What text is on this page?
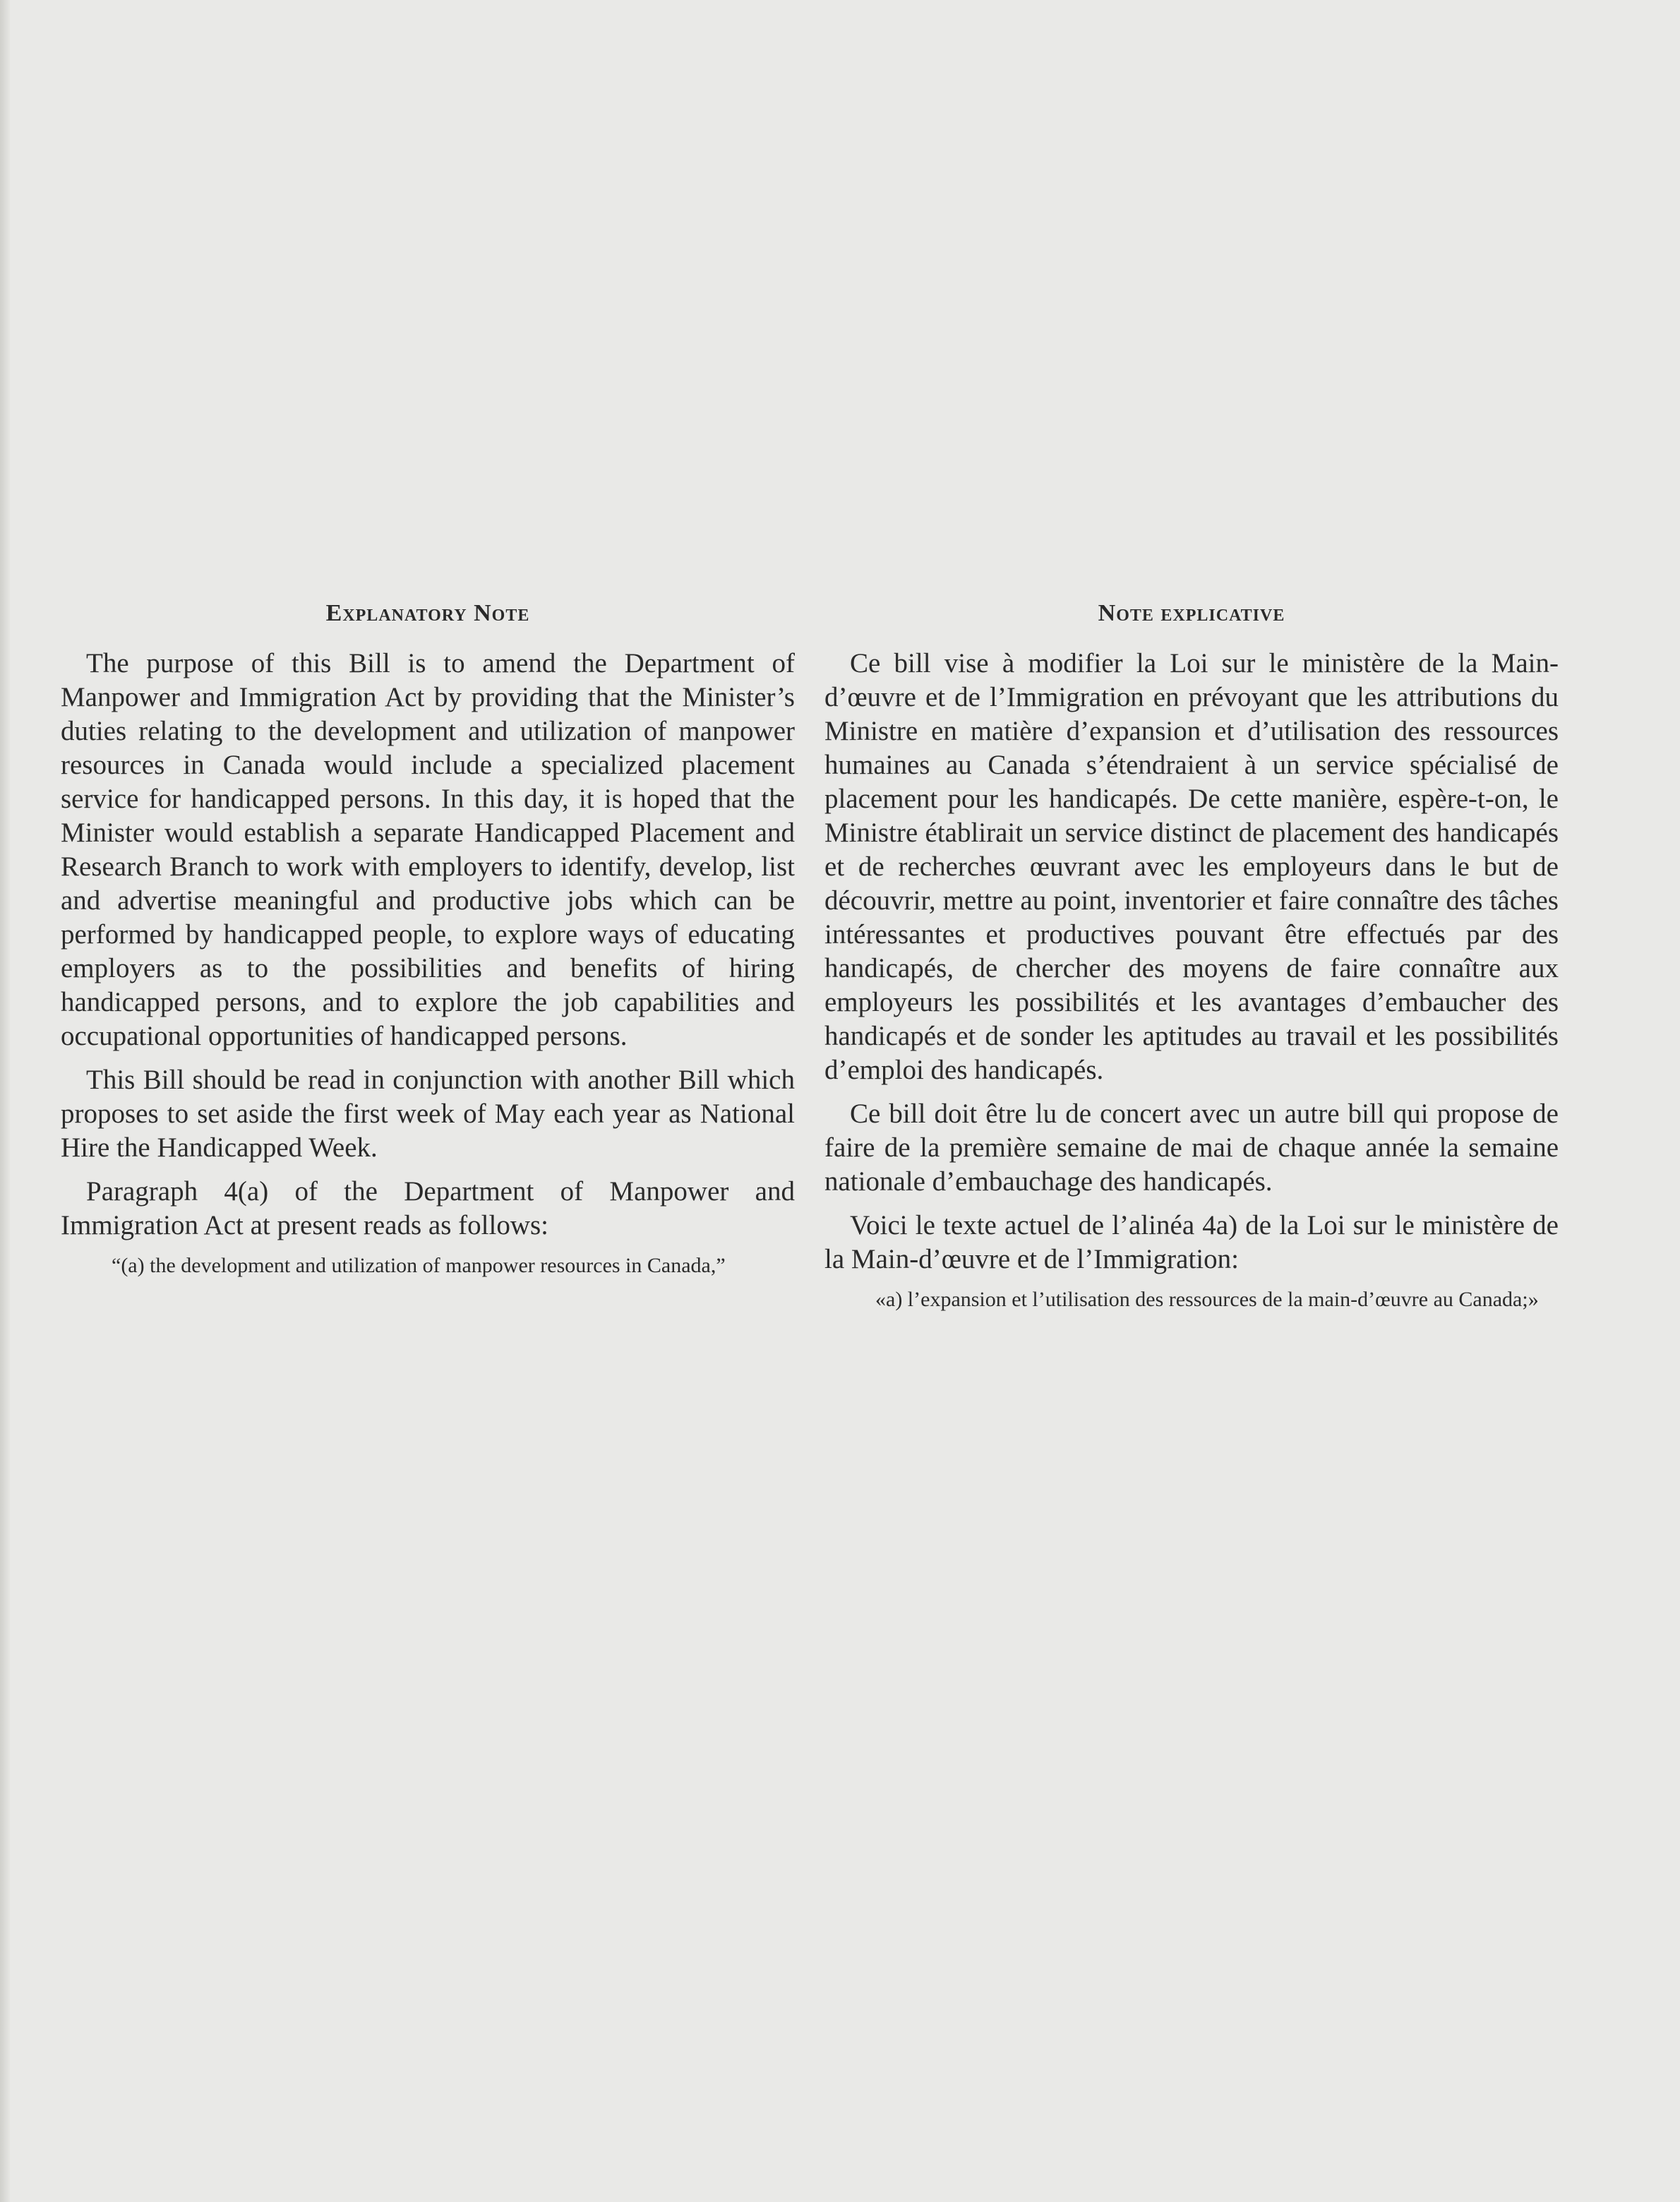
Explanatory Note

The purpose of this Bill is to amend the Department of Manpower and Immigration Act by providing that the Minister’s duties relating to the development and utilization of manpower resources in Canada would include a specialized placement service for handicapped persons. In this day, it is hoped that the Minister would establish a separate Handicapped Placement and Research Branch to work with employers to identify, develop, list and advertise meaningful and productive jobs which can be performed by handicapped people, to explore ways of educating employers as to the possibilities and benefits of hiring handicapped persons, and to explore the job capabilities and occupational opportunities of handicapped persons.

This Bill should be read in conjunction with another Bill which proposes to set aside the first week of May each year as National Hire the Handicapped Week.

Paragraph 4(a) of the Department of Manpower and Immigration Act at present reads as follows:

“(a) the development and utilization of manpower resources in Canada,”

Note explicative

Ce bill vise à modifier la Loi sur le ministère de la Main-d’œuvre et de l’Immigration en prévoyant que les attributions du Ministre en matière d’expansion et d’utilisation des ressources humaines au Canada s’étendraient à un service spécialisé de placement pour les handicapés. De cette manière, espère-t-on, le Ministre établirait un service distinct de placement des handicapés et de recherches œuvrant avec les employeurs dans le but de découvrir, mettre au point, inventorier et faire connaître des tâches intéressantes et productives pouvant être effectués par des handicapés, de chercher des moyens de faire connaître aux employeurs les possibilités et les avantages d’embaucher des handicapés et de sonder les aptitudes au travail et les possibilités d’emploi des handicapés.

Ce bill doit être lu de concert avec un autre bill qui propose de faire de la première semaine de mai de chaque année la semaine nationale d’embauchage des handicapés.

Voici le texte actuel de l’alinéa 4a) de la Loi sur le ministère de la Main-d’œuvre et de l’Immigration:

«a) l’expansion et l’utilisation des ressources de la main-d’œuvre au Canada;»
